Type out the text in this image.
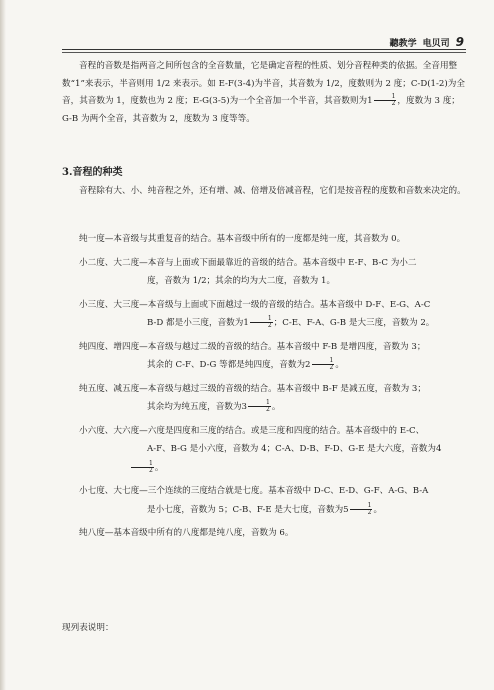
聽教学 电贝司 9

音程的音数是指两音之间所包含的全音数量，它是确定音程的性质、划分音程种类的依据。全音用整数“1”来表示，半音则用 1/2 来表示。如 E-F(3-4)为半音，其音数为 1/2，度数则为 2 度；C-D(1-2)为全音，其音数为 1，度数也为 2 度；E-G(3-5)为一个全音加一个半音，其音数则为$1 \frac{1}{2}$ ，度数为 3 度；G-B 为两个全音，其音数为 2，度数为 3 度等等。

3.音程的种类

音程除有大、小、纯音程之外，还有增、减、倍增及倍减音程，它们是按音程的度数和音数来决定的。

纯一度—本音级与其重复音的结合。基本音级中所有的一度都是纯一度，其音数为 0。

小二度、大二度—本音与上面或下面最靠近的音级的结合。基本音级中 E-F、B-C 为小二
度，音数为 1/2；其余的均为大二度，音数为 1。

小三度、大三度—本音级与上面或下面越过一级的音级的结合。基本音级中 D-F、E-G、A-C
B-D 都是小三度，音数为$1 \frac{1}{2}$ ；C-E、F-A、G-B 是大三度，音数为 2。

纯四度、增四度—本音级与越过二级的音级的结合。基本音级中 F-B 是增四度，音数为 3；
其余的 C-F、D-G 等都是纯四度，音数为$2 \frac{1}{2}$ 。

纯五度、减五度—本音级与越过三级的音级的结合。基本音级中 B-F 是减五度，音数为 3；
其余均为纯五度，音数为$3 \frac{1}{2}$ 。

小六度、大六度—六度是四度和三度的结合。或是三度和四度的结合。基本音级中的 E-C、
A-F、B-G 是小六度，音数为 4；C-A、D-B、F-D、G-E 是大六度，音数为4
$\frac{1}{2}$ 。

小七度、大七度—三个连续的三度结合就是七度。基本音级中 D-C、E-D、G-F、A-G、B-A
是小七度，音数为 5；C-B、F-E 是大七度，音数为$5 \frac{1}{2}$ 。

纯八度—基本音级中所有的八度都是纯八度，音数为 6。

现列表说明：
